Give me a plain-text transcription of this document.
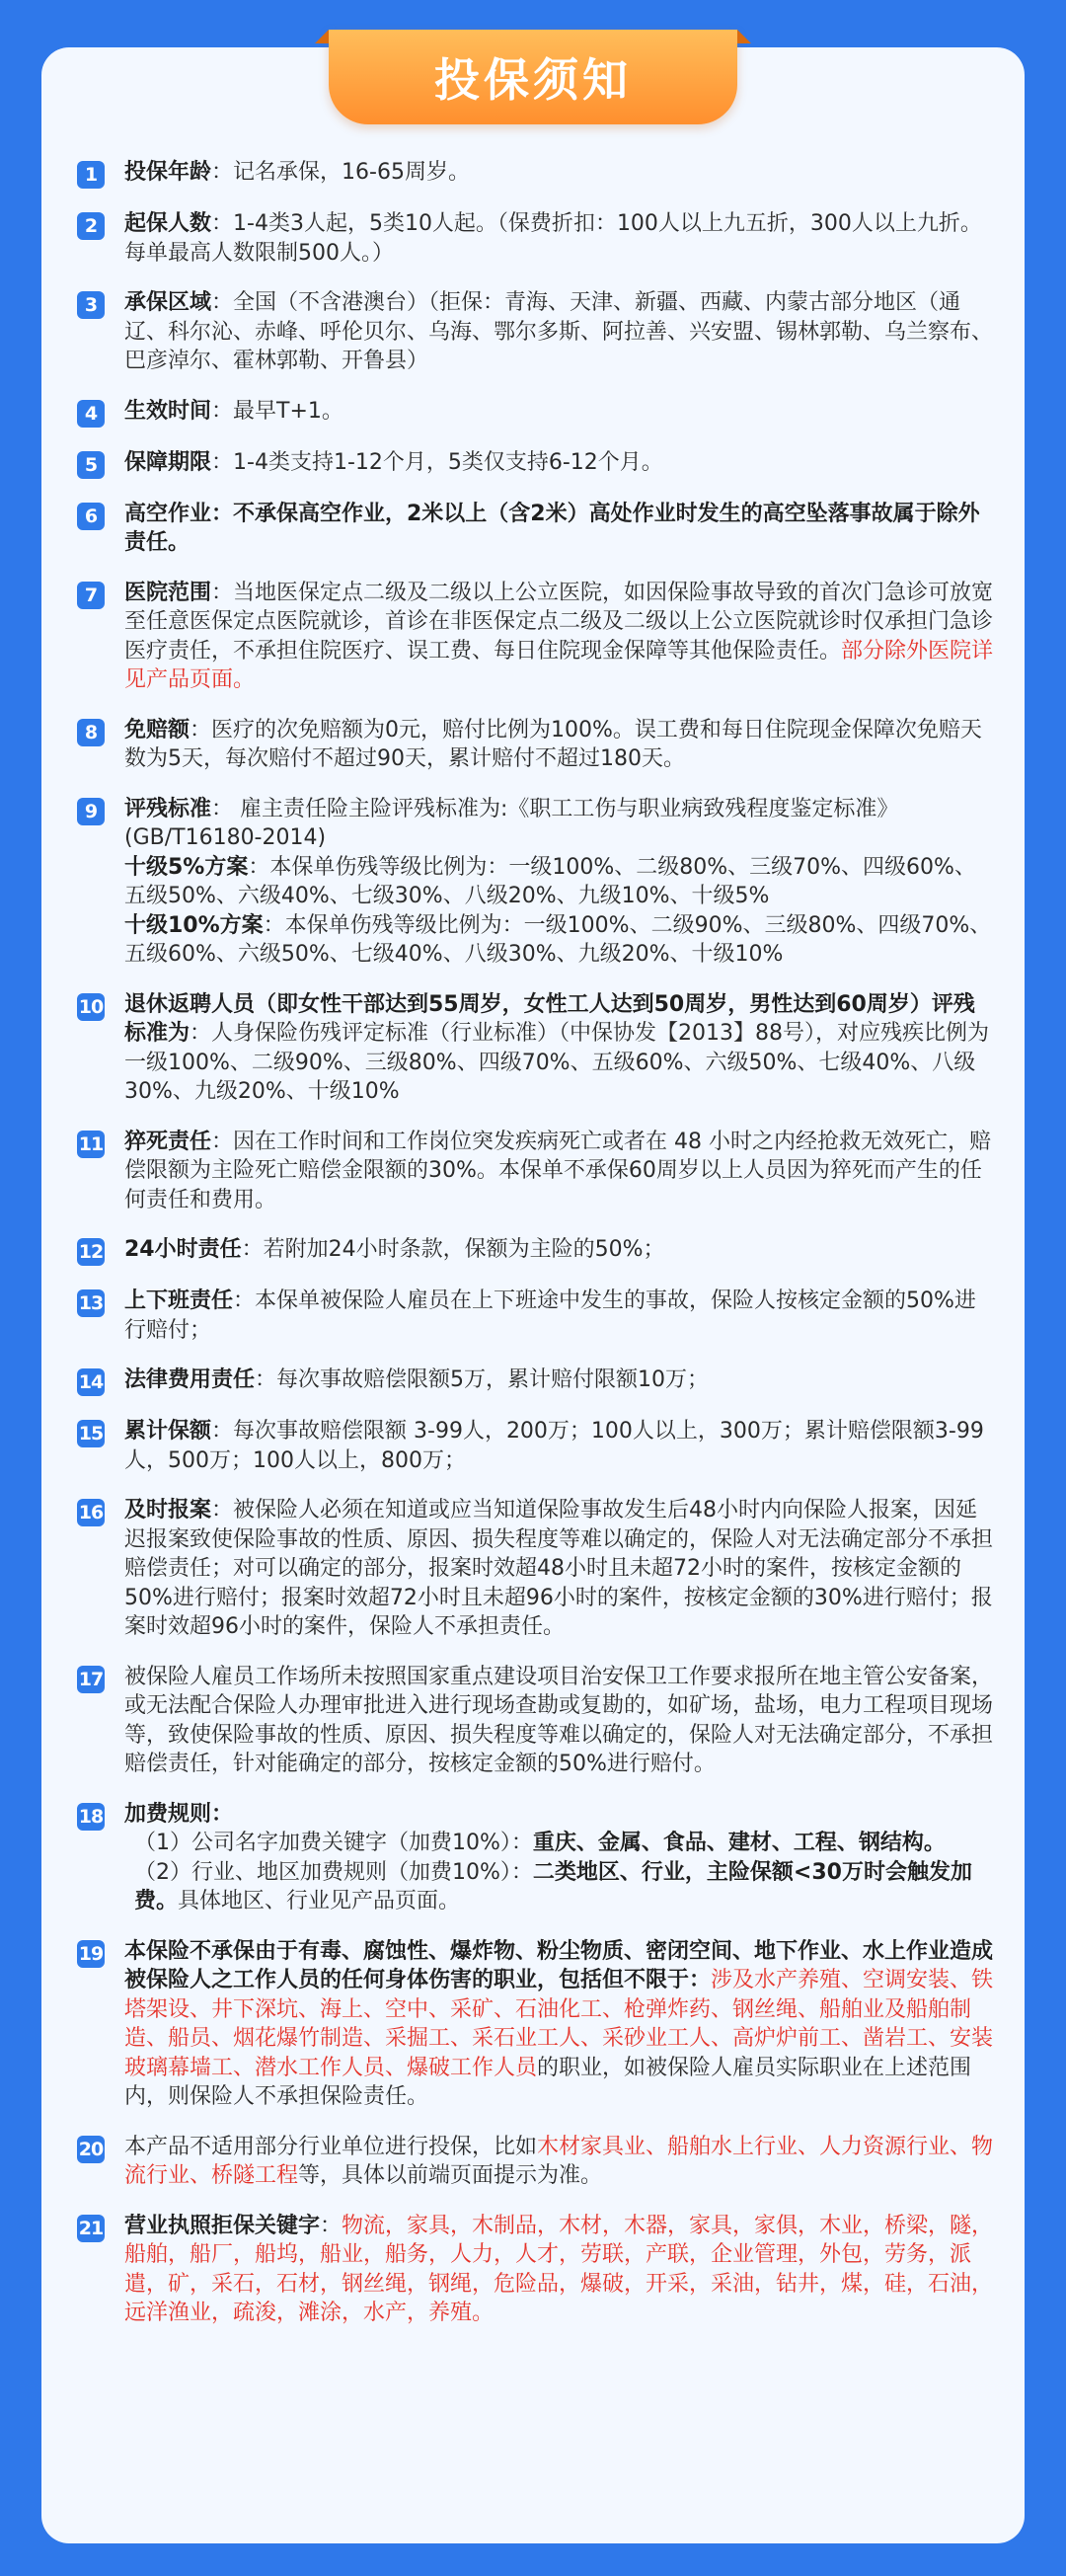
投保须知
1	投保年龄：记名承保，16-65周岁。
2	起保人数：1-4类3人起，5类10人起。（保费折扣：100人以上九五折，300人以上九折。每单最高人数限制500人。）
3	承保区域：全国（不含港澳台）（拒保：青海、天津、新疆、西藏、内蒙古部分地区（通辽、科尔沁、赤峰、呼伦贝尔、乌海、鄂尔多斯、阿拉善、兴安盟、锡林郭勒、乌兰察布、巴彦淖尔、霍林郭勒、开鲁县）
4	生效时间：最早T+1。
5	保障期限：1-4类支持1-12个月，5类仅支持6-12个月。
6	高空作业：不承保高空作业，2米以上（含2米）高处作业时发生的高空坠落事故属于除外责任。
7	医院范围：当地医保定点二级及二级以上公立医院，如因保险事故导致的首次门急诊可放宽至任意医保定点医院就诊，首诊在非医保定点二级及二级以上公立医院就诊时仅承担门急诊医疗责任，不承担住院医疗、误工费、每日住院现金保障等其他保险责任。部分除外医院详见产品页面。
8	免赔额：医疗的次免赔额为0元，赔付比例为100%。误工费和每日住院现金保障次免赔天数为5天，每次赔付不超过90天，累计赔付不超过180天。
9	评残标准： 雇主责任险主险评残标准为:《职工工伤与职业病致残程度鉴定标准》(GB/T16180-2014)
十级5%方案：本保单伤残等级比例为：一级100%、二级80%、三级70%、四级60%、五级50%、六级40%、七级30%、八级20%、九级10%、十级5%
十级10%方案：本保单伤残等级比例为：一级100%、二级90%、三级80%、四级70%、五级60%、六级50%、七级40%、八级30%、九级20%、十级10%
10 退休返聘人员（即女性干部达到55周岁，女性工人达到50周岁，男性达到60周岁）评残标准为：人身保险伤残评定标准（行业标准）（中保协发【2013】88号），对应残疾比例为一级100%、二级90%、三级80%、四级70%、五级60%、六级50%、七级40%、八级30%、九级20%、十级10%
11 猝死责任：因在工作时间和工作岗位突发疾病死亡或者在 48 小时之内经抢救无效死亡，赔偿限额为主险死亡赔偿金限额的30%。本保单不承保60周岁以上人员因为猝死而产生的任何责任和费用。
12 24小时责任：若附加24小时条款，保额为主险的50%；
13 上下班责任：本保单被保险人雇员在上下班途中发生的事故，保险人按核定金额的50%进行赔付；
14 法律费用责任：每次事故赔偿限额5万，累计赔付限额10万；
15 累计保额：每次事故赔偿限额 3-99人，200万；100人以上，300万；累计赔偿限额3-99人，500万；100人以上，800万；
16 及时报案：被保险人必须在知道或应当知道保险事故发生后48小时内向保险人报案，因延迟报案致使保险事故的性质、原因、损失程度等难以确定的，保险人对无法确定部分不承担赔偿责任；对可以确定的部分，报案时效超48小时且未超72小时的案件，按核定金额的50%进行赔付；报案时效超72小时且未超96小时的案件，按核定金额的30%进行赔付；报案时效超96小时的案件，保险人不承担责任。
17 被保险人雇员工作场所未按照国家重点建设项目治安保卫工作要求报所在地主管公安备案，或无法配合保险人办理审批进入进行现场查勘或复勘的，如矿场，盐场，电力工程项目现场等，致使保险事故的性质、原因、损失程度等难以确定的，保险人对无法确定部分，不承担赔偿责任，针对能确定的部分，按核定金额的50%进行赔付。
18 加费规则：
（1）公司名字加费关键字（加费10%）：重庆、金属、食品、建材、工程、钢结构。
（2）行业、地区加费规则（加费10%）：二类地区、行业，主险保额<30万时会触发加费。具体地区、行业见产品页面。
19 本保险不承保由于有毒、腐蚀性、爆炸物、粉尘物质、密闭空间、地下作业、水上作业造成被保险人之工作人员的任何身体伤害的职业，包括但不限于：涉及水产养殖、空调安装、铁塔架设、井下深坑、海上、空中、采矿、石油化工、枪弹炸药、钢丝绳、船舶业及船舶制造、船员、烟花爆竹制造、采掘工、采石业工人、采砂业工人、高炉炉前工、凿岩工、安装玻璃幕墙工、潜水工作人员、爆破工作人员的职业，如被保险人雇员实际职业在上述范围内，则保险人不承担保险责任。
20 本产品不适用部分行业单位进行投保，比如木材家具业、船舶水上行业、人力资源行业、物流行业、桥隧工程等，具体以前端页面提示为准。
21 营业执照拒保关键字：物流，家具，木制品，木材，木器，家具，家俱，木业，桥梁，隧，船舶，船厂，船坞，船业，船务，人力，人才，劳联，产联，企业管理，外包，劳务，派遣，矿，采石，石材，钢丝绳，钢绳，危险品，爆破，开采，采油，钻井，煤，硅，石油，远洋渔业，疏浚，滩涂，水产，养殖。
